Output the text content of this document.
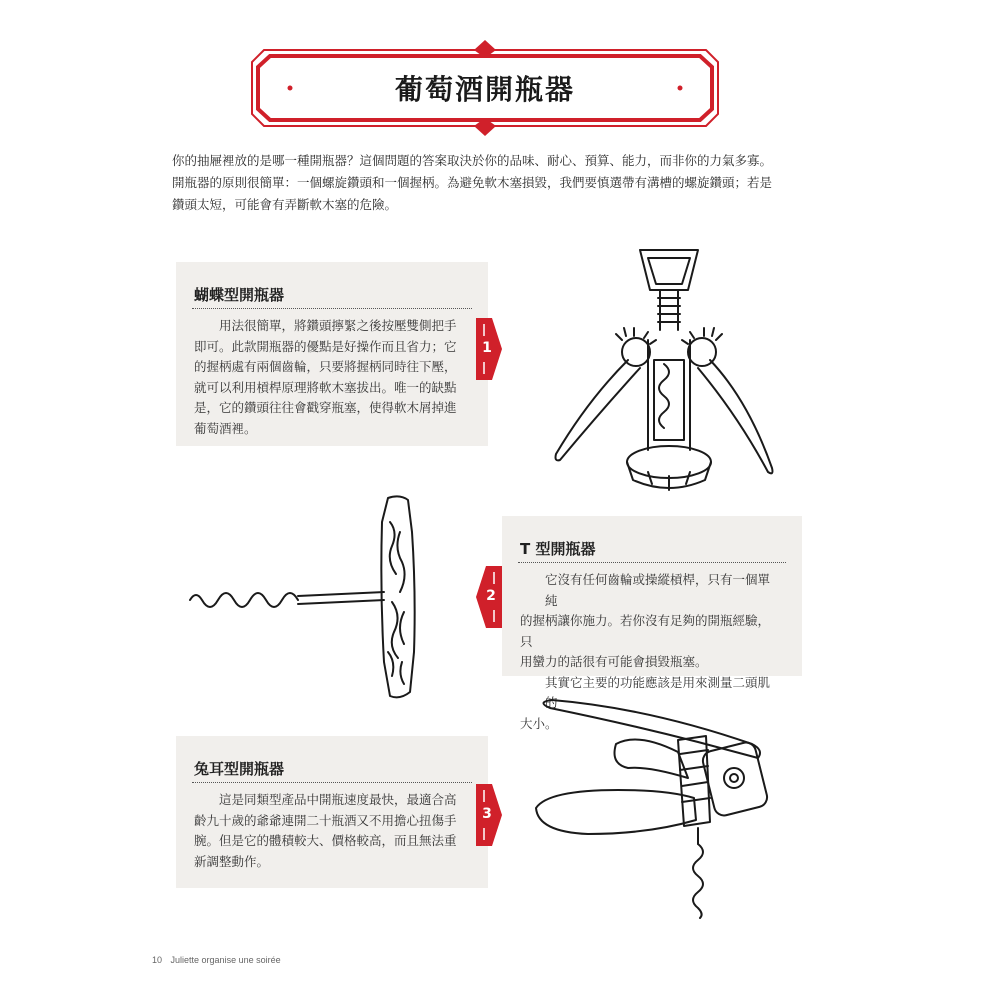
葡萄酒開瓶器
你的抽屜裡放的是哪一種開瓶器？這個問題的答案取決於你的品味、耐心、預算、能力，而非你的力氣多寡。
開瓶器的原則很簡單：一個螺旋鑽頭和一個握柄。為避免軟木塞損毀，我們要慎選帶有溝槽的螺旋鑽頭；若是
鑽頭太短，可能會有弄斷軟木塞的危險。
蝴蝶型開瓶器
用法很簡單，將鑽頭擰緊之後按壓雙側把手
即可。此款開瓶器的優點是好操作而且省力；它
的握柄處有兩個齒輪，只要將握柄同時往下壓，
就可以利用槓桿原理將軟木塞拔出。唯一的缺點
是，它的鑽頭往往會戳穿瓶塞，使得軟木屑掉進
葡萄酒裡。
1
T 型開瓶器
它沒有任何齒輪或操縱槓桿，只有一個單純
的握柄讓你施力。若你沒有足夠的開瓶經驗，只
用蠻力的話很有可能會損毀瓶塞。
其實它主要的功能應該是用來測量二頭肌的
大小。
2
兔耳型開瓶器
這是同類型產品中開瓶速度最快，最適合高
齡九十歲的爺爺連開二十瓶酒又不用擔心扭傷手
腕。但是它的體積較大、價格較高，而且無法重
新調整動作。
3
10 Juliette organise une soirée
